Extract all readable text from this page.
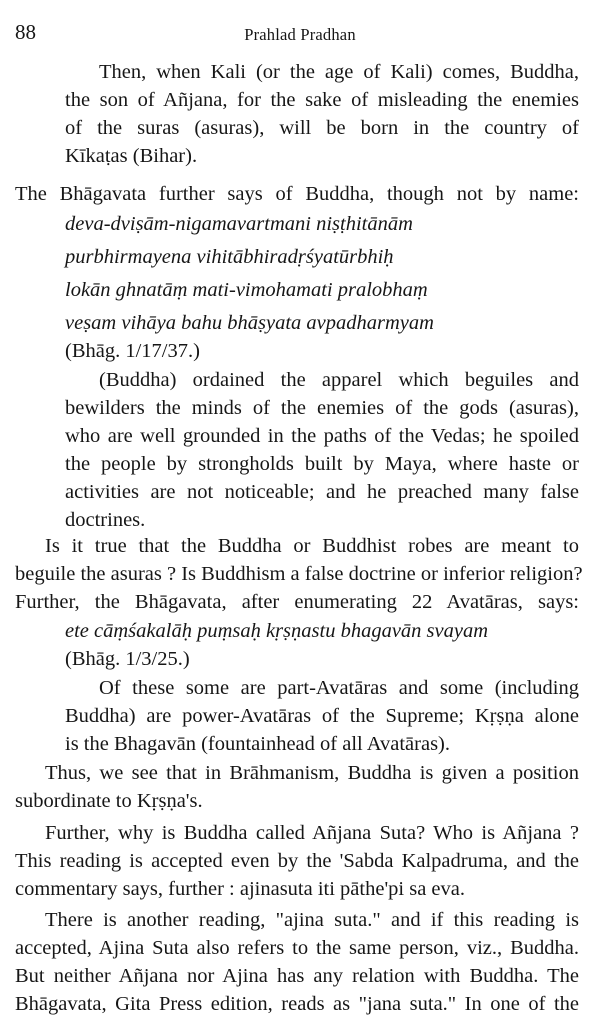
88	Prahlad Pradhan
Then, when Kali (or the age of Kali) comes, Buddha,
the son of Añjana, for the sake of misleading the enemies
of the suras (asuras), will be born in the country of
Kīkaṭas (Bihar).
The Bhāgavata further says of Buddha, though not by name:
deva-dviṣām-nigamavartmani niṣṭhitānām
purbhirmayena vihitābhiradṛśyatūrbhiḥ
lokān ghnatāṃ mati-vimohamati pralobhaṃ
veṣam vihāya bahu bhāṣyata avpadharmyam
(Bhāg. 1/17/37.)
(Buddha) ordained the apparel which beguiles and
bewilders the minds of the enemies of the gods (asuras),
who are well grounded in the paths of the Vedas; he spoiled
the people by strongholds built by Maya, where haste or
activities are not noticeable; and he preached many false
doctrines.
Is it true that the Buddha or Buddhist robes are meant to
beguile the asuras ? Is Buddhism a false doctrine or inferior religion?
Further, the Bhāgavata, after enumerating 22 Avatāras, says:
ete cāṃśakalāḥ puṃsaḥ kṛṣṇastu bhagavān svayam
(Bhāg. 1/3/25.)
Of these some are part-Avatāras and some (including
Buddha) are power-Avatāras of the Supreme; Kṛṣṇa alone
is the Bhagavān (fountainhead of all Avatāras).
Thus, we see that in Brāhmanism, Buddha is given a position
subordinate to Kṛṣṇa's.
Further, why is Buddha called Añjana Suta? Who is Añjana ?
This reading is accepted even by the 'Sabda Kalpadruma, and the
commentary says, further : ajinasuta iti pāthe'pi sa eva.
There is another reading, "ajina suta." and if this reading is
accepted, Ajina Suta also refers to the same person, viz., Buddha.
But neither Añjana nor Ajina has any relation with Buddha. The
Bhāgavata, Gita Press edition, reads as "jana suta." In one of the
